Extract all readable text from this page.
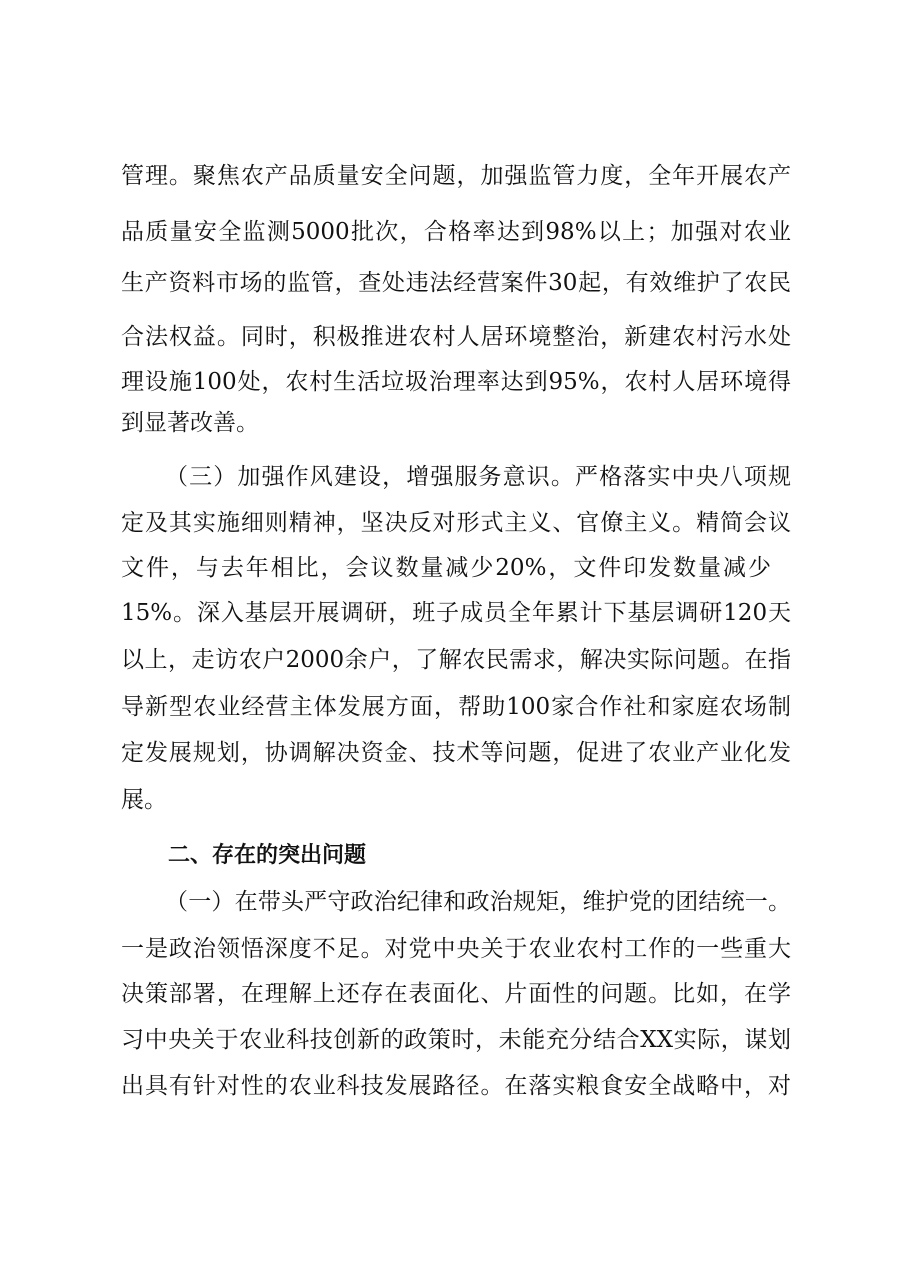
管理。聚焦农产品质量安全问题，加强监管力度，全年开展农产
品质量安全监测5000批次，合格率达到98%以上；加强对农业
生产资料市场的监管，查处违法经营案件30起，有效维护了农民
合法权益。同时，积极推进农村人居环境整治，新建农村污水处
理设施100处，农村生活垃圾治理率达到95%，农村人居环境得
到显著改善。
（三）加强作风建设，增强服务意识。严格落实中央八项规
定及其实施细则精神，坚决反对形式主义、官僚主义。精简会议
文件，与去年相比，会议数量减少20%，文件印发数量减少
15%。深入基层开展调研，班子成员全年累计下基层调研120天
以上，走访农户2000余户，了解农民需求，解决实际问题。在指
导新型农业经营主体发展方面，帮助100家合作社和家庭农场制
定发展规划，协调解决资金、技术等问题，促进了农业产业化发
展。
二、存在的突出问题
（一）在带头严守政治纪律和政治规矩，维护党的团结统一。
一是政治领悟深度不足。对党中央关于农业农村工作的一些重大
决策部署，在理解上还存在表面化、片面性的问题。比如，在学
习中央关于农业科技创新的政策时，未能充分结合XX实际，谋划
出具有针对性的农业科技发展路径。在落实粮食安全战略中，对
